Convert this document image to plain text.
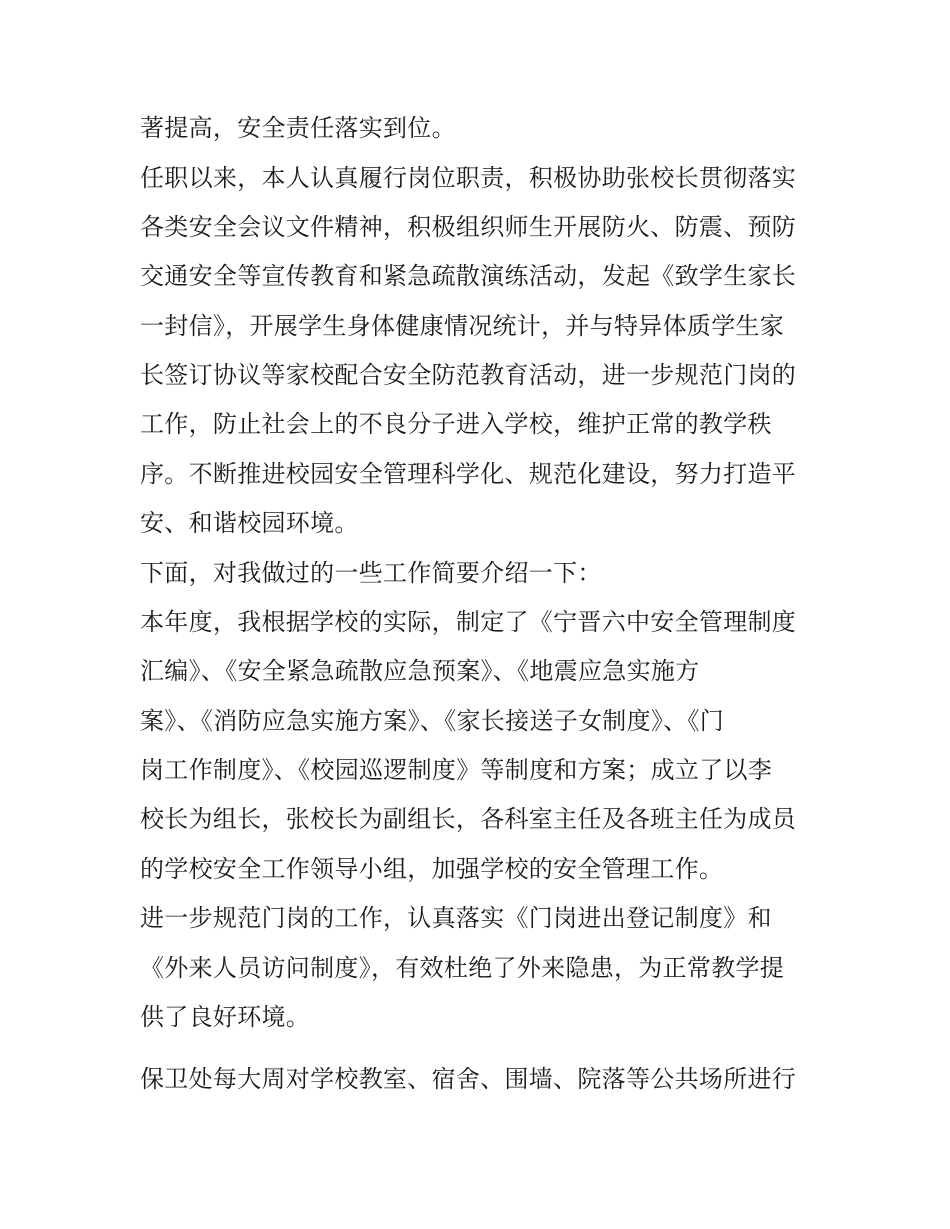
著提高，安全责任落实到位。
任职以来，本人认真履行岗位职责，积极协助张校长贯彻落实
各类安全会议文件精神，积极组织师生开展防火、防震、预防
交通安全等宣传教育和紧急疏散演练活动，发起《致学生家长
一封信》，开展学生身体健康情况统计，并与特异体质学生家
长签订协议等家校配合安全防范教育活动，进一步规范门岗的
工作，防止社会上的不良分子进入学校，维护正常的教学秩
序。不断推进校园安全管理科学化、规范化建设，努力打造平
安、和谐校园环境。
下面，对我做过的一些工作简要介绍一下：
本年度，我根据学校的实际，制定了《宁晋六中安全管理制度
汇编》、《安全紧急疏散应急预案》、《地震应急实施方
案》、《消防应急实施方案》、《家长接送子女制度》、《门
岗工作制度》、《校园巡逻制度》等制度和方案；成立了以李
校长为组长，张校长为副组长，各科室主任及各班主任为成员
的学校安全工作领导小组，加强学校的安全管理工作。
进一步规范门岗的工作，认真落实《门岗进出登记制度》和
《外来人员访问制度》，有效杜绝了外来隐患，为正常教学提
供了良好环境。
保卫处每大周对学校教室、宿舍、围墙、院落等公共场所进行
